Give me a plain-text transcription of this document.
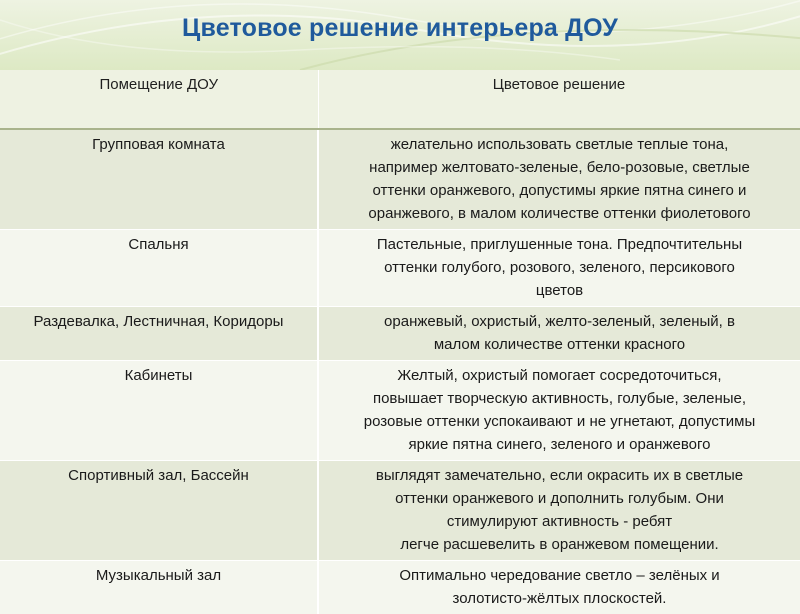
Цветовое решение интерьера ДОУ
Помещение ДОУ	Цветовое решение
Групповая комната	желательно использовать светлые теплые тона,
например желтовато-зеленые, бело-розовые, светлые
оттенки оранжевого, допустимы яркие пятна синего и
оранжевого, в малом количестве оттенки фиолетового

Спальня	Пастельные, приглушенные тона. Предпочтительны
оттенки голубого, розового, зеленого, персикового
цветов

Раздевалка, Лестничная, Коридоры	оранжевый, охристый, желто-зеленый, зеленый, в
малом количестве оттенки красного

Кабинеты	Желтый, охристый помогает сосредоточиться,
повышает творческую активность, голубые, зеленые,
розовые оттенки успокаивают и не угнетают, допустимы
яркие пятна синего, зеленого и оранжевого

Спортивный зал, Бассейн	выглядят замечательно, если окрасить их в светлые
оттенки оранжевого и дополнить голубым. Они
стимулируют активность - ребят
легче расшевелить в оранжевом помещении.

Музыкальный зал	Оптимально чередование светло – зелёных и
золотисто-жёлтых плоскостей.
